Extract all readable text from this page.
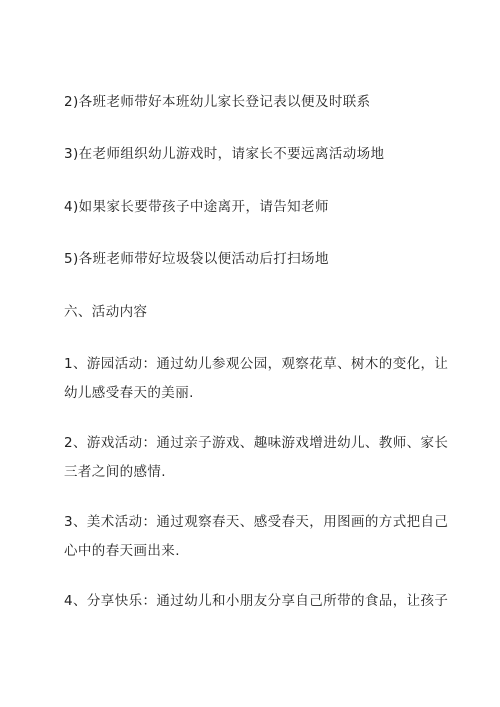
2)各班老师带好本班幼儿家长登记表以便及时联系

3)在老师组织幼儿游戏时，请家长不要远离活动场地

4)如果家长要带孩子中途离开，请告知老师

5)各班老师带好垃圾袋以便活动后打扫场地

六、活动内容

1、游园活动：通过幼儿参观公园，观察花草、树木的变化，让

幼儿感受春天的美丽.

2、游戏活动：通过亲子游戏、趣味游戏增进幼儿、教师、家长

三者之间的感情.

3、美术活动：通过观察春天、感受春天，用图画的方式把自己

心中的春天画出来.

4、分享快乐：通过幼儿和小朋友分享自己所带的食品，让孩子
